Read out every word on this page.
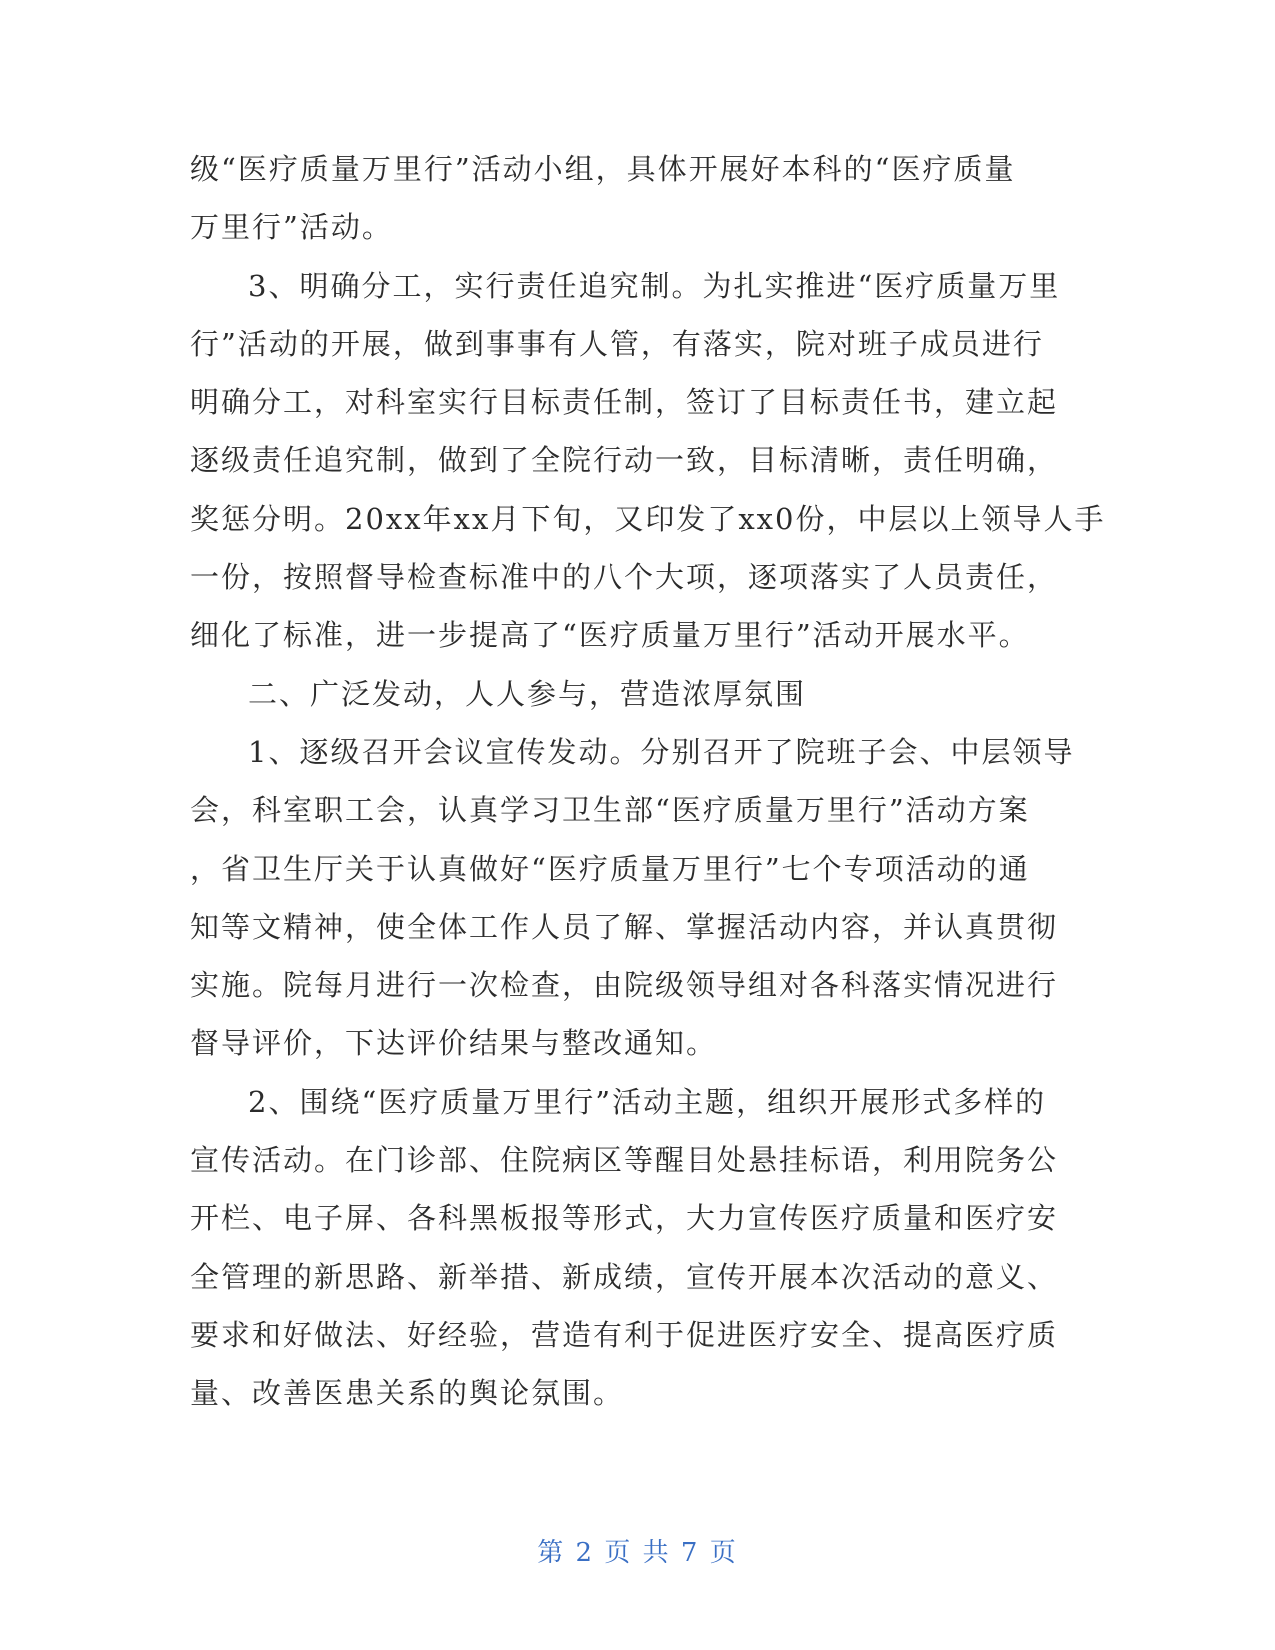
级“医疗质量万里行”活动小组，具体开展好本科的“医疗质量
万里行”活动。
3、明确分工，实行责任追究制。为扎实推进“医疗质量万里
行”活动的开展，做到事事有人管，有落实，院对班子成员进行
明确分工，对科室实行目标责任制，签订了目标责任书，建立起
逐级责任追究制，做到了全院行动一致，目标清晰，责任明确，
奖惩分明。20xx年xx月下旬，又印发了xx0份，中层以上领导人手
一份，按照督导检查标准中的八个大项，逐项落实了人员责任，
细化了标准，进一步提高了“医疗质量万里行”活动开展水平。
二、广泛发动，人人参与，营造浓厚氛围
1、逐级召开会议宣传发动。分别召开了院班子会、中层领导
会，科室职工会，认真学习卫生部“医疗质量万里行”活动方案
，省卫生厅关于认真做好“医疗质量万里行”七个专项活动的通
知等文精神，使全体工作人员了解、掌握活动内容，并认真贯彻
实施。院每月进行一次检查，由院级领导组对各科落实情况进行
督导评价，下达评价结果与整改通知。
2、围绕“医疗质量万里行”活动主题，组织开展形式多样的
宣传活动。在门诊部、住院病区等醒目处悬挂标语，利用院务公
开栏、电子屏、各科黑板报等形式，大力宣传医疗质量和医疗安
全管理的新思路、新举措、新成绩，宣传开展本次活动的意义、
要求和好做法、好经验，营造有利于促进医疗安全、提高医疗质
量、改善医患关系的舆论氛围。
第 2 页 共 7 页
